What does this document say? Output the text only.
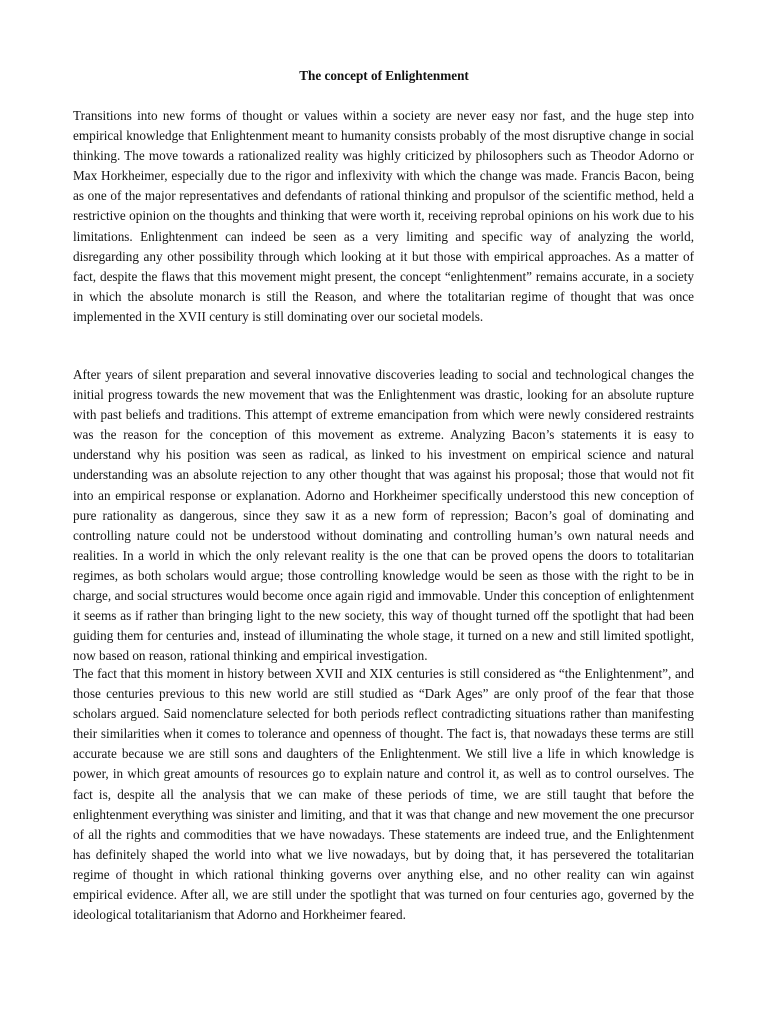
The concept of Enlightenment

Transitions into new forms of thought or values within a society are never easy nor fast, and the huge step into empirical knowledge that Enlightenment meant to humanity consists probably of the most disruptive change in social thinking. The move towards a rationalized reality was highly criticized by philosophers such as Theodor Adorno or Max Horkheimer, especially due to the rigor and inflexivity with which the change was made. Francis Bacon, being as one of the major representatives and defendants of rational thinking and propulsor of the scientific method, held a restrictive opinion on the thoughts and thinking that were worth it, receiving reprobal opinions on his work due to his limitations. Enlightenment can indeed be seen as a very limiting and specific way of analyzing the world, disregarding any other possibility through which looking at it but those with empirical approaches. As a matter of fact, despite the flaws that this movement might present, the concept “enlightenment” remains accurate, in a society in which the absolute monarch is still the Reason, and where the totalitarian regime of thought that was once implemented in the XVII century is still dominating over our societal models.

After years of silent preparation and several innovative discoveries leading to social and technological changes the initial progress towards the new movement that was the Enlightenment was drastic, looking for an absolute rupture with past beliefs and traditions. This attempt of extreme emancipation from which were newly considered restraints was the reason for the conception of this movement as extreme. Analyzing Bacon’s statements it is easy to understand why his position was seen as radical, as linked to his investment on empirical science and natural understanding was an absolute rejection to any other thought that was against his proposal; those that would not fit into an empirical response or explanation. Adorno and Horkheimer specifically understood this new conception of pure rationality as dangerous, since they saw it as a new form of repression; Bacon’s goal of dominating and controlling nature could not be understood without dominating and controlling human’s own natural needs and realities. In a world in which the only relevant reality is the one that can be proved opens the doors to totalitarian regimes, as both scholars would argue; those controlling knowledge would be seen as those with the right to be in charge, and social structures would become once again rigid and immovable. Under this conception of enlightenment it seems as if rather than bringing light to the new society, this way of thought turned off the spotlight that had been guiding them for centuries and, instead of illuminating the whole stage, it turned on a new and still limited spotlight, now based on reason, rational thinking and empirical investigation.

The fact that this moment in history between XVII and XIX centuries is still considered as “the Enlightenment”, and those centuries previous to this new world are still studied as “Dark Ages” are only proof of the fear that those scholars argued. Said nomenclature selected for both periods reflect contradicting situations rather than manifesting their similarities when it comes to tolerance and openness of thought. The fact is, that nowadays these terms are still accurate because we are still sons and daughters of the Enlightenment. We still live a life in which knowledge is power, in which great amounts of resources go to explain nature and control it, as well as to control ourselves. The fact is, despite all the analysis that we can make of these periods of time, we are still taught that before the enlightenment everything was sinister and limiting, and that it was that change and new movement the one precursor of all the rights and commodities that we have nowadays. These statements are indeed true, and the Enlightenment has definitely shaped the world into what we live nowadays, but by doing that, it has persevered the totalitarian regime of thought in which rational thinking governs over anything else, and no other reality can win against empirical evidence. After all, we are still under the spotlight that was turned on four centuries ago, governed by the ideological totalitarianism that Adorno and Horkheimer feared.
